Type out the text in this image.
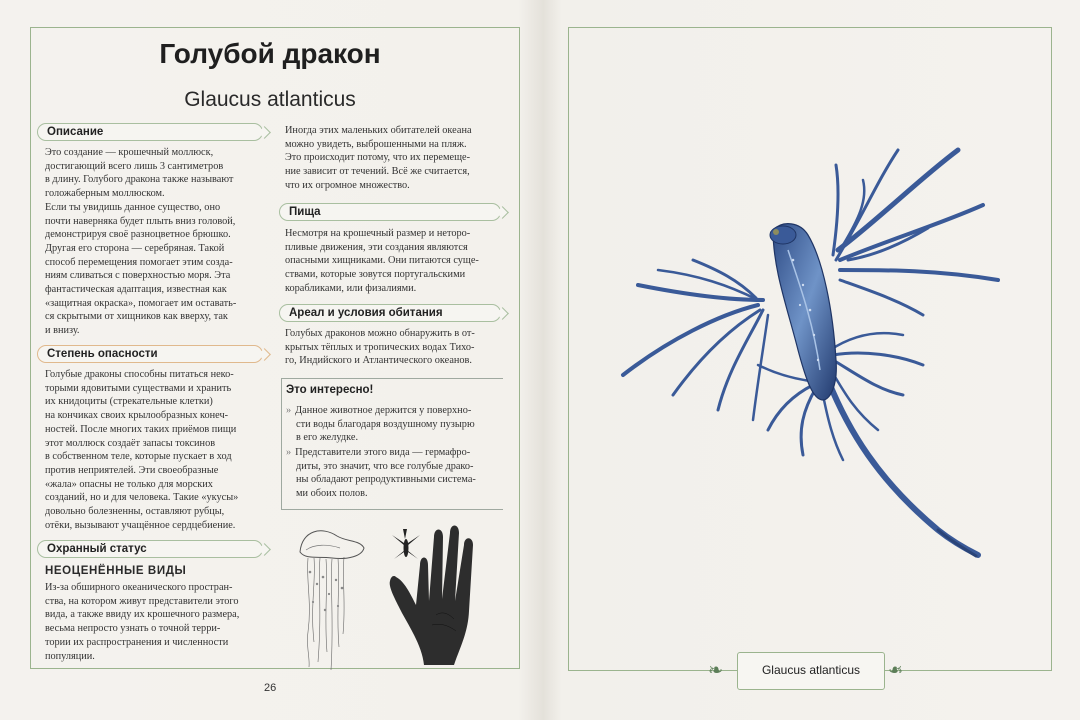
Голубой дракон
Glaucus atlanticus
Описание
Это создание — крошечный моллюск,
достигающий всего лишь 3 сантиметров
в длину. Голубого дракона также называют
голожаберным моллюском.
Если ты увидишь данное существо, оно
почти наверняка будет плыть вниз головой,
демонстрируя своё разноцветное брюшко.
Другая его сторона — серебряная. Такой
способ перемещения помогает этим созда-
ниям сливаться с поверхностью моря. Эта
фантастическая адаптация, известная как
«защитная окраска», помогает им оставать-
ся скрытыми от хищников как вверху, так
и внизу.
Степень опасности
Голубые драконы способны питаться неко-
торыми ядовитыми существами и хранить
их книдоциты (стрекательные клетки)
на кончиках своих крылообразных конеч-
ностей. После многих таких приёмов пищи
этот моллюск создаёт запасы токсинов
в собственном теле, которые пускает в ход
против неприятелей. Эти своеобразные
«жала» опасны не только для морских
созданий, но и для человека. Такие «укусы»
довольно болезненны, оставляют рубцы,
отёки, вызывают учащённое сердцебиение.
Охранный статус
НЕОЦЕНЁННЫЕ ВИДЫ
Из-за обширного океанического простран-
ства, на котором живут представители этого
вида, а также ввиду их крошечного размера,
весьма непросто узнать о точной терри-
тории их распространения и численности
популяции.
Иногда этих маленьких обитателей океана
можно увидеть, выброшенными на пляж.
Это происходит потому, что их перемеще-
ние зависит от течений. Всё же считается,
что их огромное множество.
Пища
Несмотря на крошечный размер и неторо-
пливые движения, эти создания являются
опасными хищниками. Они питаются суще-
ствами, которые зовутся португальскими
корабликами, или физалиями.
Ареал и условия обитания
Голубых драконов можно обнаружить в от-
крытых тёплых и тропических водах Тихо-
го, Индийского и Атлантического океанов.
Это интересно!
» Данное животное держится у поверхно-
сти воды благодаря воздушному пузырю
в его желудке.
» Представители этого вида — гермафро-
диты, это значит, что все голубые драко-
ны обладают репродуктивными система-
ми обоих полов.
26
Glaucus atlanticus
❧	❧
